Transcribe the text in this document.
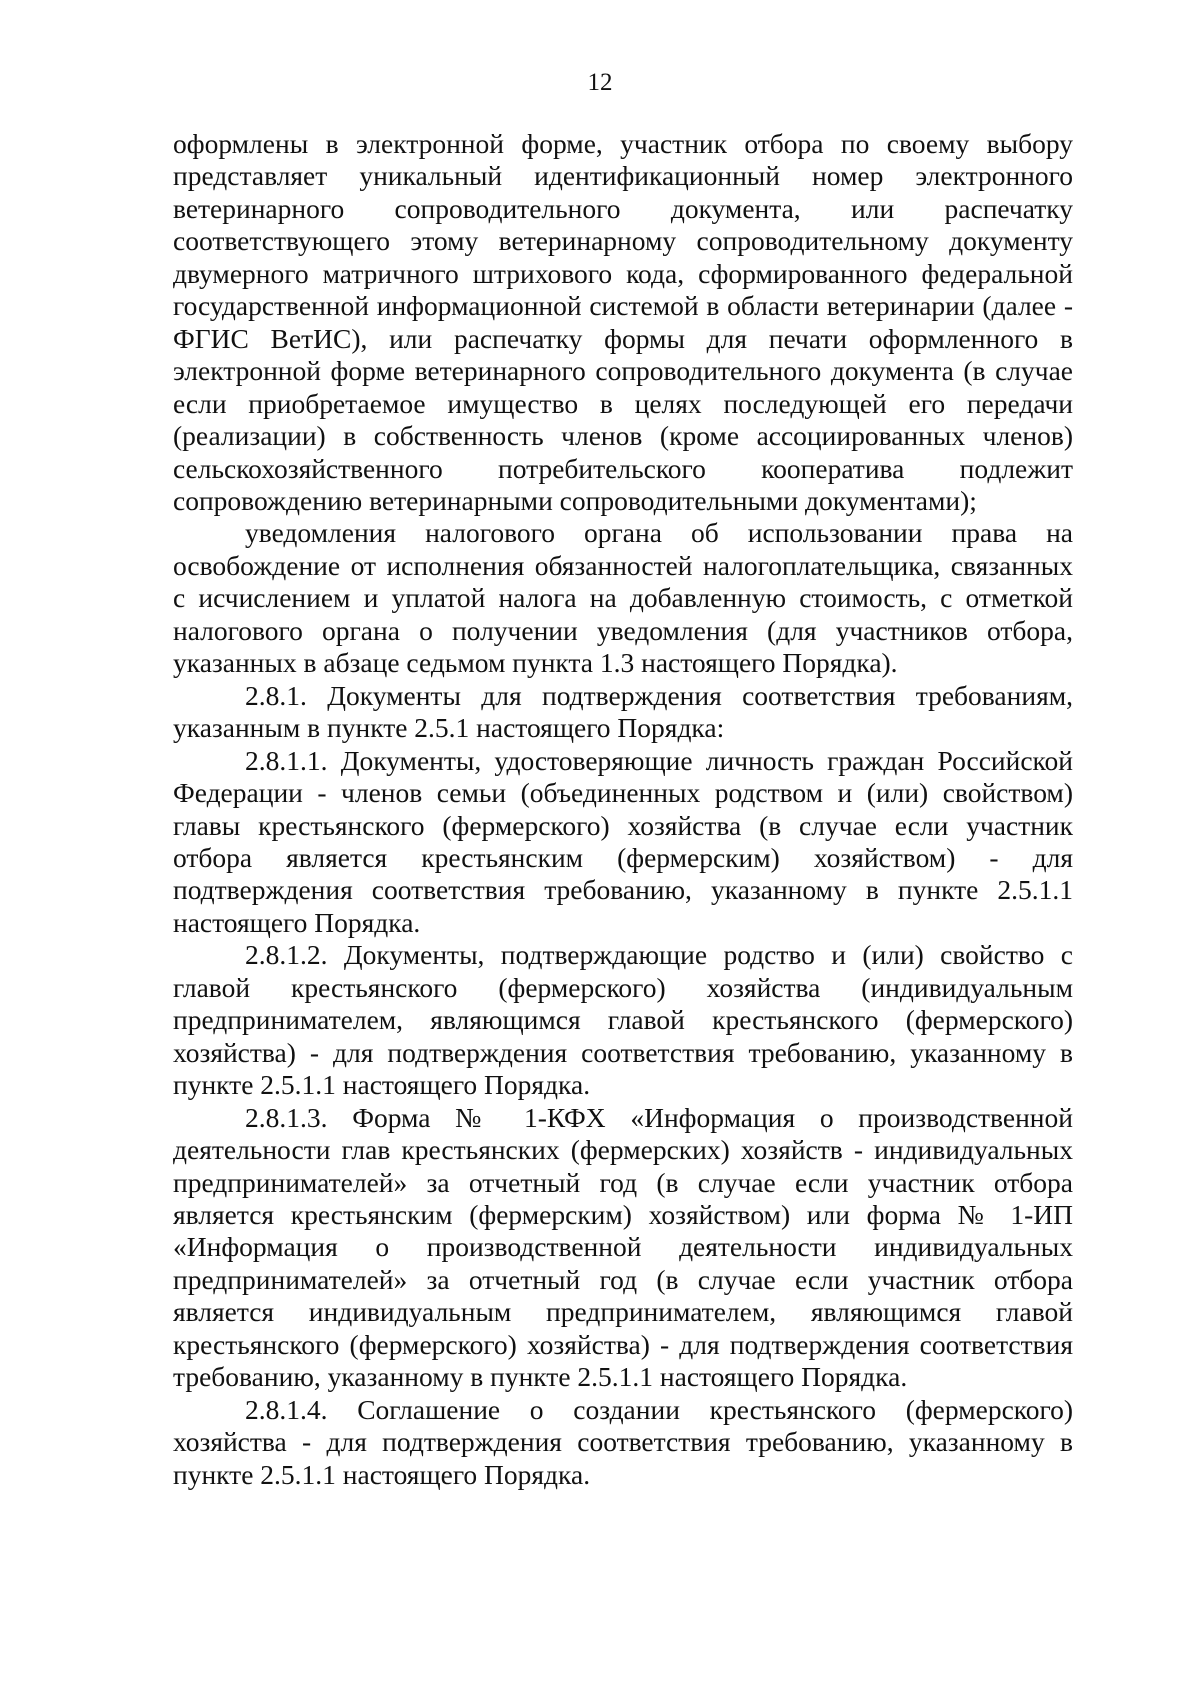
12

оформлены в электронной форме, участник отбора по своему выбору представляет уникальный идентификационный номер электронного ветеринарного сопроводительного документа, или распечатку соответствующего этому ветеринарному сопроводительному документу двумерного матричного штрихового кода, сформированного федеральной государственной информационной системой в области ветеринарии (далее - ФГИС ВетИС), или распечатку формы для печати оформленного в электронной форме ветеринарного сопроводительного документа (в случае если приобретаемое имущество в целях последующей его передачи (реализации) в собственность членов (кроме ассоциированных членов) сельскохозяйственного потребительского кооператива подлежит сопровождению ветеринарными сопроводительными документами);

уведомления налогового органа об использовании права на освобождение от исполнения обязанностей налогоплательщика, связанных с исчислением и уплатой налога на добавленную стоимость, с отметкой налогового органа о получении уведомления (для участников отбора, указанных в абзаце седьмом пункта 1.3 настоящего Порядка).

2.8.1. Документы для подтверждения соответствия требованиям, указанным в пункте 2.5.1 настоящего Порядка:

2.8.1.1. Документы, удостоверяющие личность граждан Российской Федерации - членов семьи (объединенных родством и (или) свойством) главы крестьянского (фермерского) хозяйства (в случае если участник отбора является крестьянским (фермерским) хозяйством) - для подтверждения соответствия требованию, указанному в пункте 2.5.1.1 настоящего Порядка.

2.8.1.2. Документы, подтверждающие родство и (или) свойство с главой крестьянского (фермерского) хозяйства (индивидуальным предпринимателем, являющимся главой крестьянского (фермерского) хозяйства) - для подтверждения соответствия требованию, указанному в пункте 2.5.1.1 настоящего Порядка.

2.8.1.3. Форма № 1-КФХ «Информация о производственной деятельности глав крестьянских (фермерских) хозяйств - индивидуальных предпринимателей» за отчетный год (в случае если участник отбора является крестьянским (фермерским) хозяйством) или форма № 1-ИП «Информация о производственной деятельности индивидуальных предпринимателей» за отчетный год (в случае если участник отбора является индивидуальным предпринимателем, являющимся главой крестьянского (фермерского) хозяйства) - для подтверждения соответствия требованию, указанному в пункте 2.5.1.1 настоящего Порядка.

2.8.1.4. Соглашение о создании крестьянского (фермерского) хозяйства - для подтверждения соответствия требованию, указанному в пункте 2.5.1.1 настоящего Порядка.
